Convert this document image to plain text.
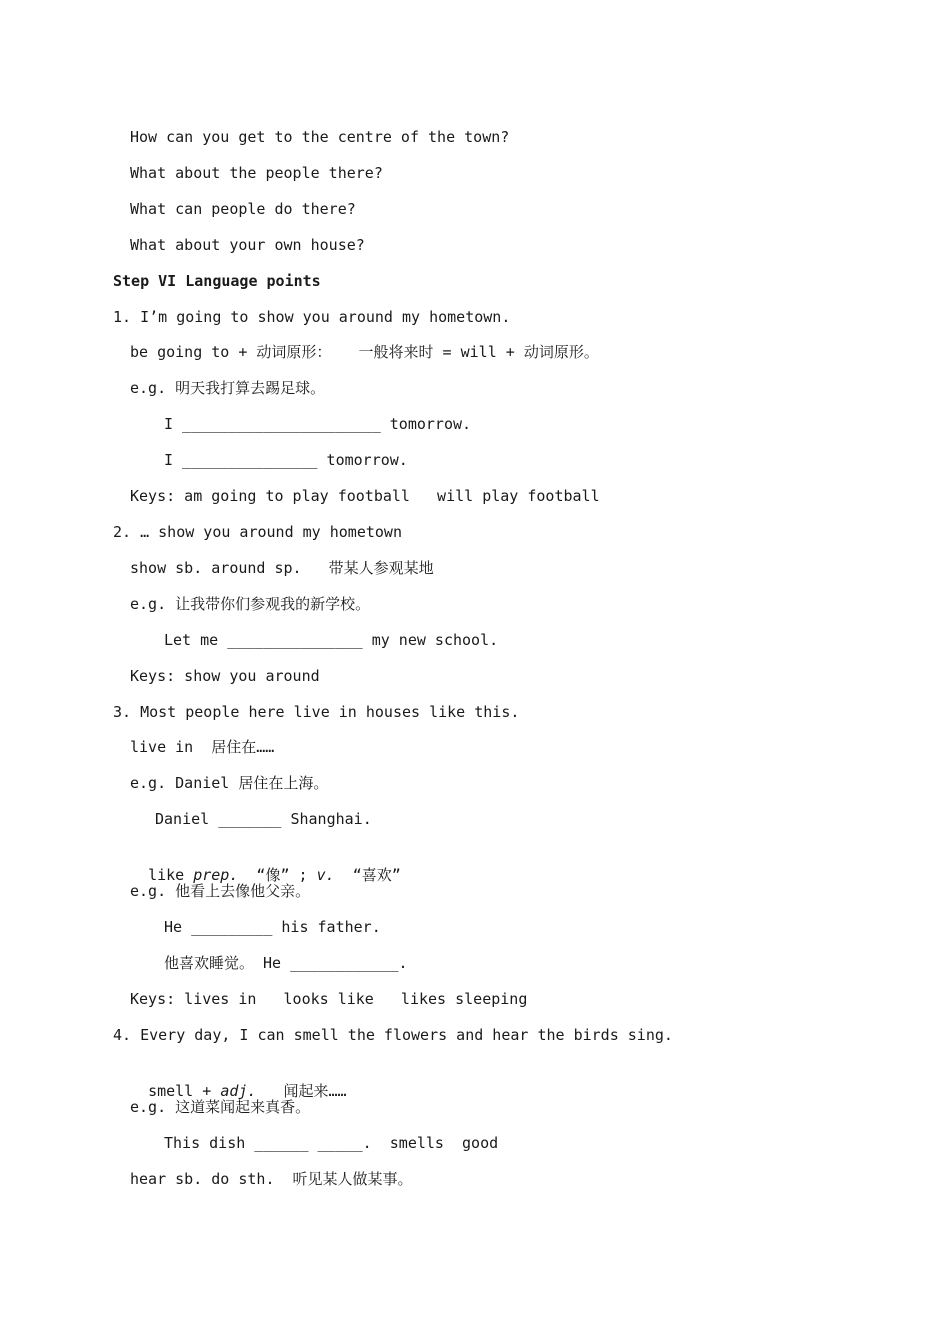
How can you get to the centre of the town?
What about the people there?
What can people do there?
What about your own house?
Step VI Language points
1. I’m going to show you around my hometown.
be going to + 动词原形：   一般将来时 = will + 动词原形。
e.g. 明天我打算去踢足球。
I ______________________ tomorrow.
I _______________ tomorrow.
Keys: am going to play football   will play football
2. … show you around my hometown
show sb. around sp.   带某人参观某地
e.g. 让我带你们参观我的新学校。
Let me _______________ my new school.
Keys: show you around
3. Most people here live in houses like this.
live in  居住在……
e.g. Daniel 居住在上海。
Daniel _______ Shanghai.

like prep.  “像” ; v.  “喜欢”

e.g. 他看上去像他父亲。
He _________ his father.
他喜欢睡觉。 He ____________.
Keys: lives in   looks like   likes sleeping
4. Every day, I can smell the flowers and hear the birds sing.

smell + adj.   闻起来……

e.g. 这道菜闻起来真香。
This dish ______ _____.  smells  good
hear sb. do sth.  听见某人做某事。
